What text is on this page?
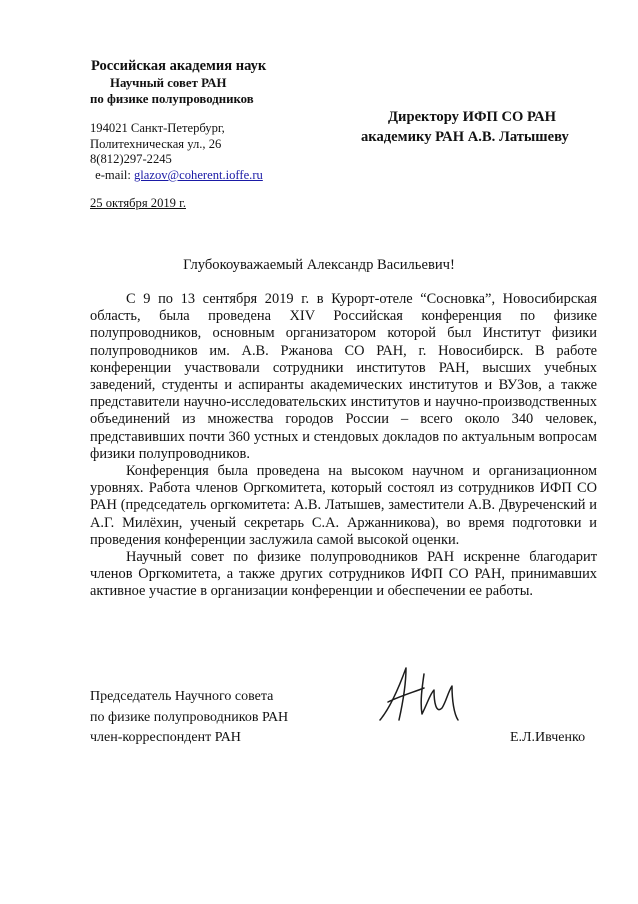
Российская академия наук
Научный совет РАН
по физике полупроводников
194021 Санкт-Петербург,
Политехническая ул., 26
8(812)297-2245
e-mail: glazov@coherent.ioffe.ru
25 октября 2019 г.
Директору ИФП СО РАН
академику РАН А.В. Латышеву
Глубокоуважаемый Александр Васильевич!

С 9 по 13 сентября 2019 г. в Курорт-отеле “Сосновка”, Новосибирская область, была проведена XIV Российская конференция по физике полупроводников, основным организатором которой был Институт физики полупроводников им. А.В. Ржанова СО РАН, г. Новосибирск. В работе конференции участвовали сотрудники институтов РАН, высших учебных заведений, студенты и аспиранты академических институтов и ВУЗов, а также представители научно-исследовательских институтов и научно-производственных объединений из множества городов России – всего около 340 человек, представивших почти 360 устных и стендовых докладов по актуальным вопросам физики полупроводников.

Конференция была проведена на высоком научном и организационном уровнях. Работа членов Оргкомитета, который состоял из сотрудников ИФП СО РАН (председатель оргкомитета: А.В. Латышев, заместители А.В. Двуреченский и А.Г. Милёхин, ученый секретарь С.А. Аржанникова), во время подготовки и проведения конференции заслужила самой высокой оценки.

Научный совет по физике полупроводников РАН искренне благодарит членов Оргкомитета, а также других сотрудников ИФП СО РАН, принимавших активное участие в организации конференции и обеспечении ее работы.

Председатель Научного совета
по физике полупроводников РАН
член-корреспондент РАН	Е.Л.Ивченко
